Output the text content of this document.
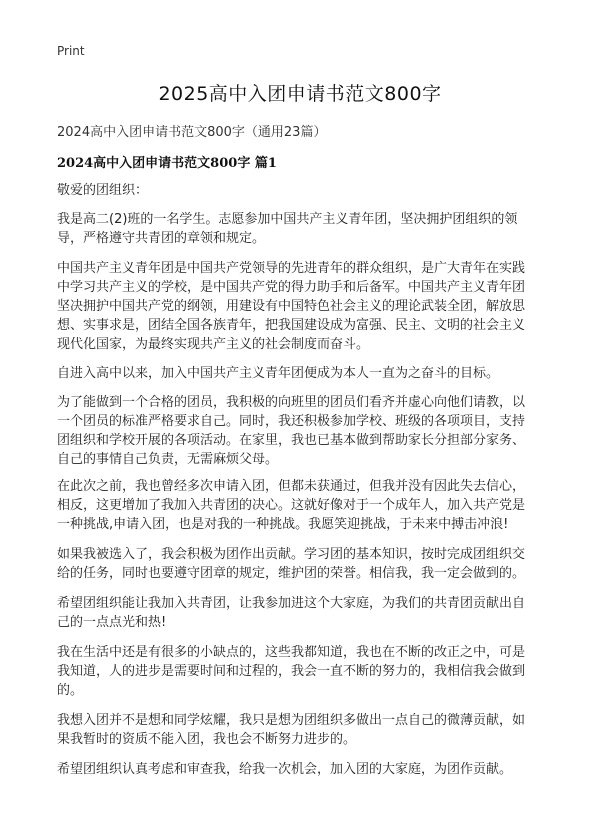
Print
2025高中入团申请书范文800字
2024高中入团申请书范文800字（通用23篇）
2024高中入团申请书范文800字 篇1

敬爱的团组织：

我是高二(2)班的一名学生。志愿参加中国共产主义青年团，坚决拥护团组织的领
导，严格遵守共青团的章领和规定。

中国共产主义青年团是中国共产党领导的先进青年的群众组织，是广大青年在实践
中学习共产主义的学校，是中国共产党的得力助手和后备军。中国共产主义青年团
坚决拥护中国共产党的纲领，用建设有中国特色社会主义的理论武装全团，解放思
想、实事求是，团结全国各族青年，把我国建设成为富强、民主、文明的社会主义
现代化国家，为最终实现共产主义的社会制度而奋斗。

自进入高中以来，加入中国共产主义青年团便成为本人一直为之奋斗的目标。

为了能做到一个合格的团员，我积极的向班里的团员们看齐并虚心向他们请教，以
一个团员的标准严格要求自己。同时，我还积极参加学校、班级的各项项目，支持
团组织和学校开展的各项活动。在家里，我也已基本做到帮助家长分担部分家务、
自己的事情自己负责，无需麻烦父母。

在此次之前，我也曾经多次申请入团，但都未获通过，但我并没有因此失去信心，
相反，这更增加了我加入共青团的决心。这就好像对于一个成年人，加入共产党是
一种挑战,申请入团，也是对我的一种挑战。我愿笑迎挑战，于未来中搏击冲浪!

如果我被选入了，我会积极为团作出贡献。学习团的基本知识，按时完成团组织交
给的任务，同时也要遵守团章的规定，维护团的荣誉。相信我，我一定会做到的。

希望团组织能让我加入共青团，让我参加进这个大家庭，为我们的共青团贡献出自
己的一点点光和热!

我在生活中还是有很多的小缺点的，这些我都知道，我也在不断的改正之中，可是
我知道，人的进步是需要时间和过程的，我会一直不断的努力的，我相信我会做到
的。

我想入团并不是想和同学炫耀，我只是想为团组织多做出一点自己的微薄贡献，如
果我暂时的资质不能入团，我也会不断努力进步的。

希望团组织认真考虑和审查我，给我一次机会，加入团的大家庭，为团作贡献。
